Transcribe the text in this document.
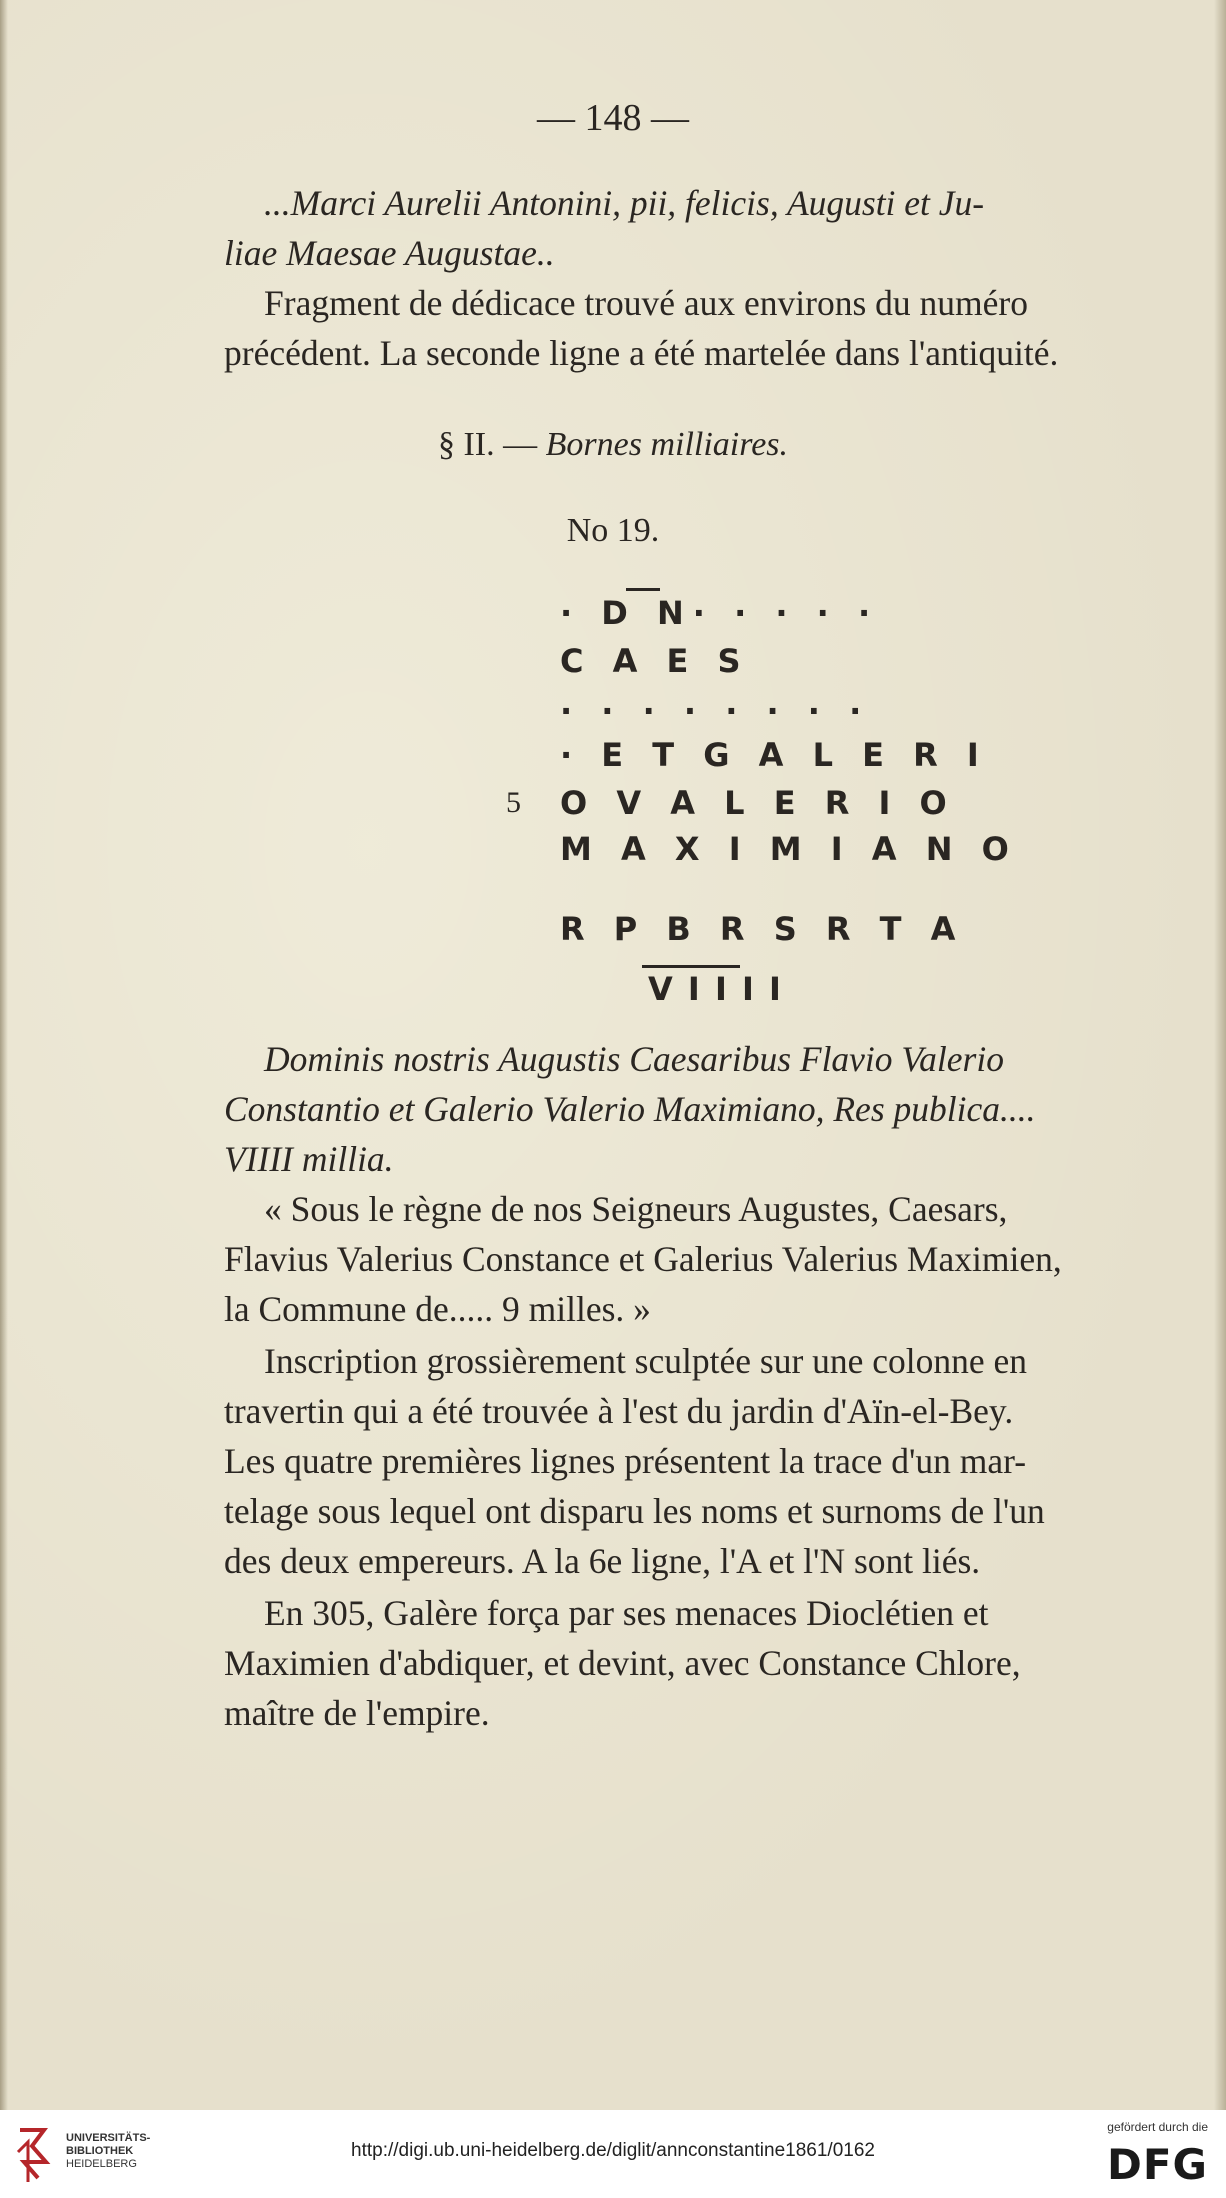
— 148 —
...Marci Aurelii Antonini, pii, felicis, Augusti et Ju-
liae Maesae Augustae..
Fragment de dédicace trouvé aux environs du numéro
précédent. La seconde ligne a été martelée dans l'antiquité.
§ II. — Bornes milliaires.
No 19.
· D N· · · · ·
C A E S
· · · · · · · ·
· E T G A L E R I
5 O V A L E R I O
M A X I M I A N O
R P B R S R T A
V I I I I
Dominis nostris Augustis Caesaribus Flavio Valerio
Constantio et Galerio Valerio Maximiano, Res publica....
VIIII millia.
« Sous le règne de nos Seigneurs Augustes, Caesars,
Flavius Valerius Constance et Galerius Valerius Maximien,
la Commune de..... 9 milles. »
Inscription grossièrement sculptée sur une colonne en
travertin qui a été trouvée à l'est du jardin d'Aïn-el-Bey.
Les quatre premières lignes présentent la trace d'un mar-
telage sous lequel ont disparu les noms et surnoms de l'un
des deux empereurs. A la 6e ligne, l'A et l'N sont liés.
En 305, Galère força par ses menaces Dioclétien et
Maximien d'abdiquer, et devint, avec Constance Chlore,
maître de l'empire.
UNIVERSITÄTS-
BIBLIOTHEK
HEIDELBERG
http://digi.ub.uni-heidelberg.de/diglit/annconstantine1861/0162
gefördert durch die
DFG
